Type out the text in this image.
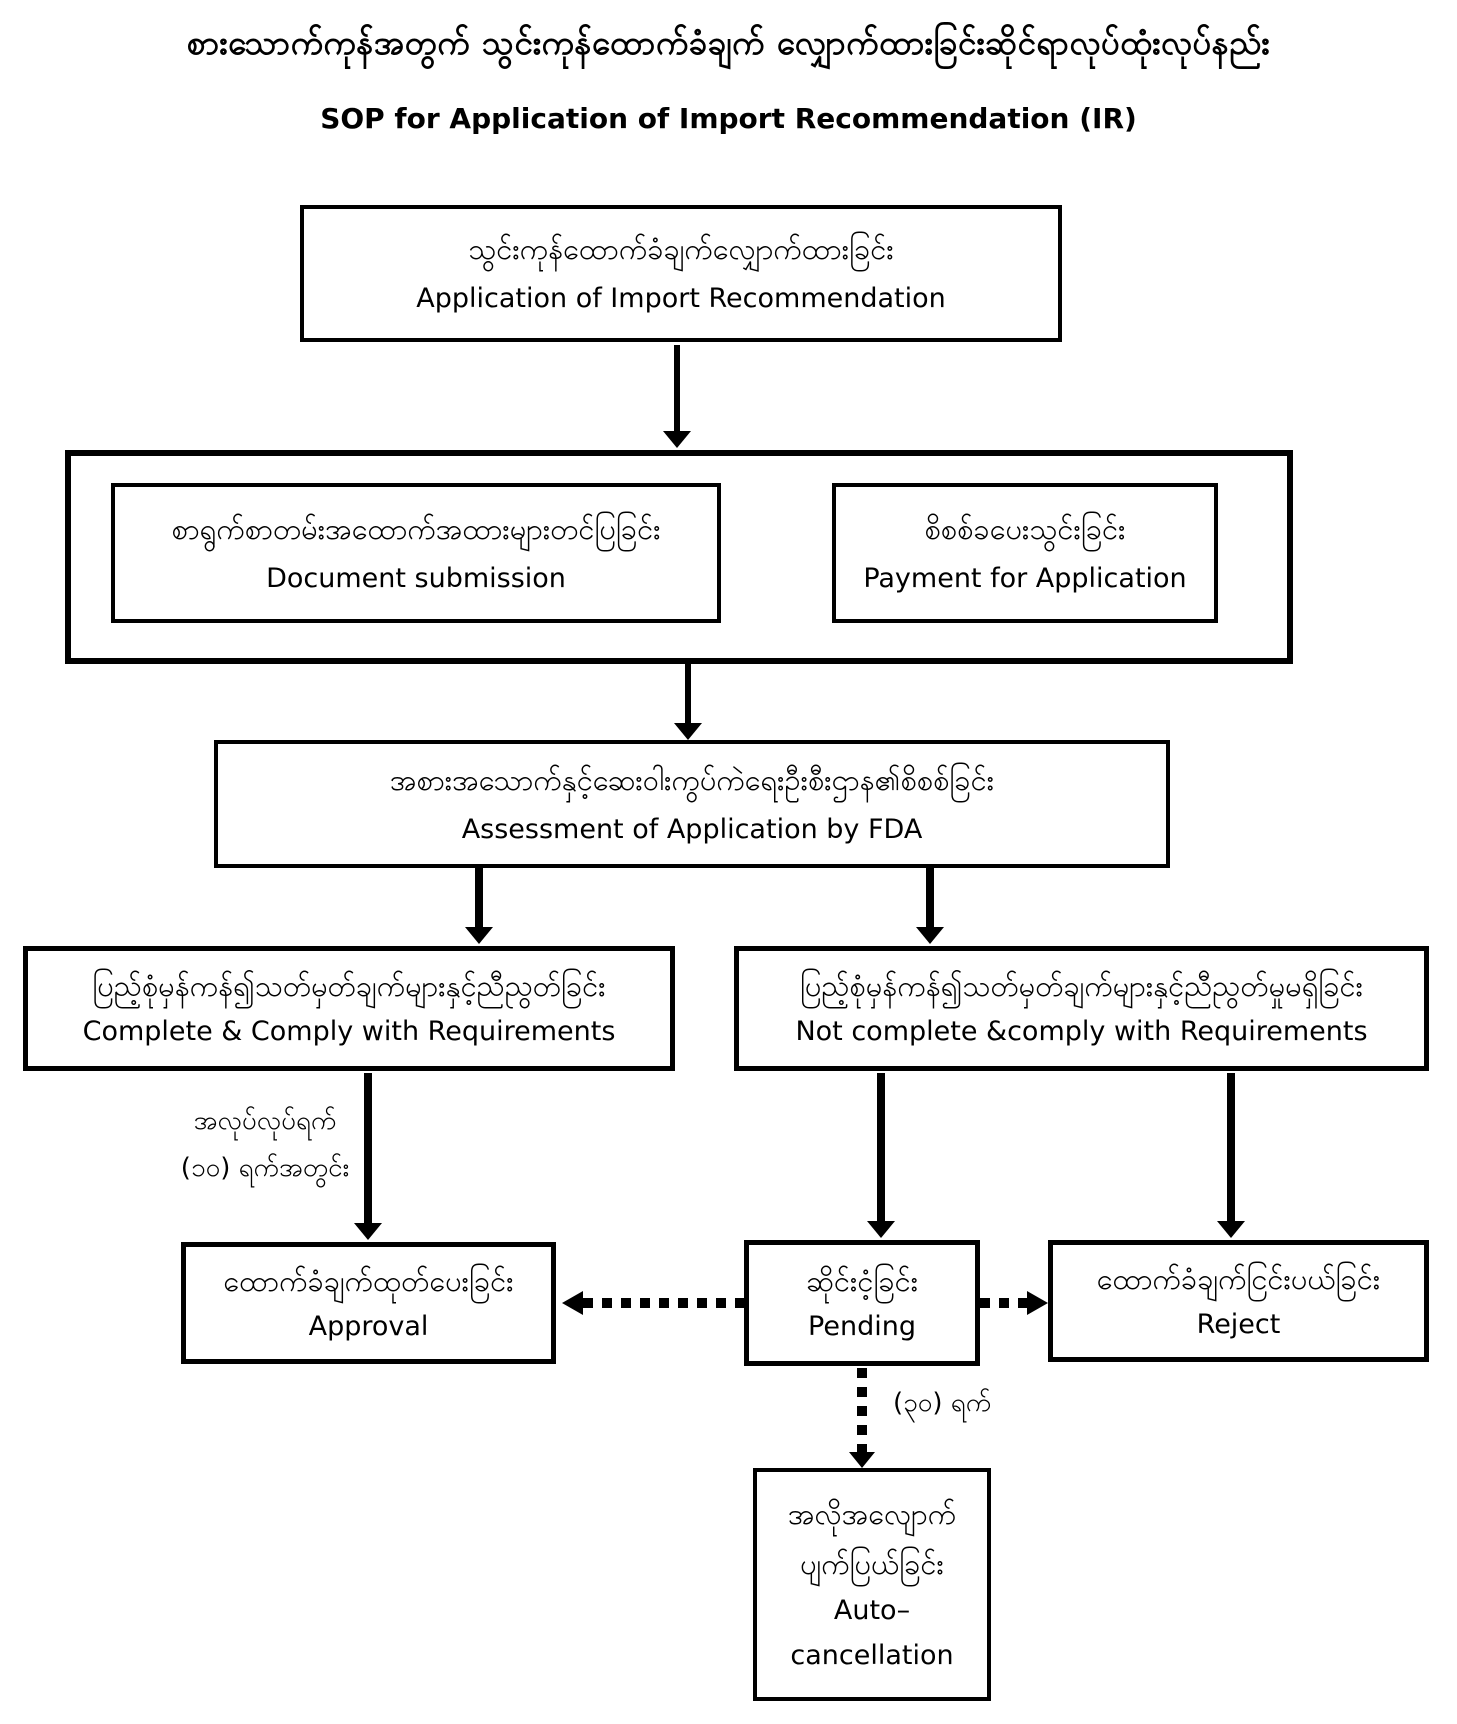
စားသောက်ကုန်အတွက် သွင်းကုန်ထောက်ခံချက် လျှောက်ထားခြင်းဆိုင်ရာလုပ်ထုံးလုပ်နည်း
SOP for Application of Import Recommendation (IR)
သွင်းကုန်ထောက်ခံချက်လျှောက်ထားခြင်း
Application of Import Recommendation
စာရွက်စာတမ်းအထောက်အထားများတင်ပြခြင်း
Document submission
စိစစ်ခပေးသွင်းခြင်း
Payment for Application
အစားအသောက်နှင့်ဆေးဝါးကွပ်ကဲရေးဦးစီးဌာန၏စိစစ်ခြင်း
Assessment of Application by FDA
ပြည့်စုံမှန်ကန်၍သတ်မှတ်ချက်များနှင့်ညီညွတ်ခြင်း
Complete & Comply with Requirements
ပြည့်စုံမှန်ကန်၍သတ်မှတ်ချက်များနှင့်ညီညွတ်မှုမရှိခြင်း
Not complete &comply with Requirements
အလုပ်လုပ်ရက်
(၁၀) ရက်အတွင်း
ထောက်ခံချက်ထုတ်ပေးခြင်း
Approval
ဆိုင်းငံ့ခြင်း
Pending
ထောက်ခံချက်ငြင်းပယ်ခြင်း
Reject
(၃၀) ရက်
အလိုအလျောက်
ပျက်ပြယ်ခြင်း
Auto–
cancellation
